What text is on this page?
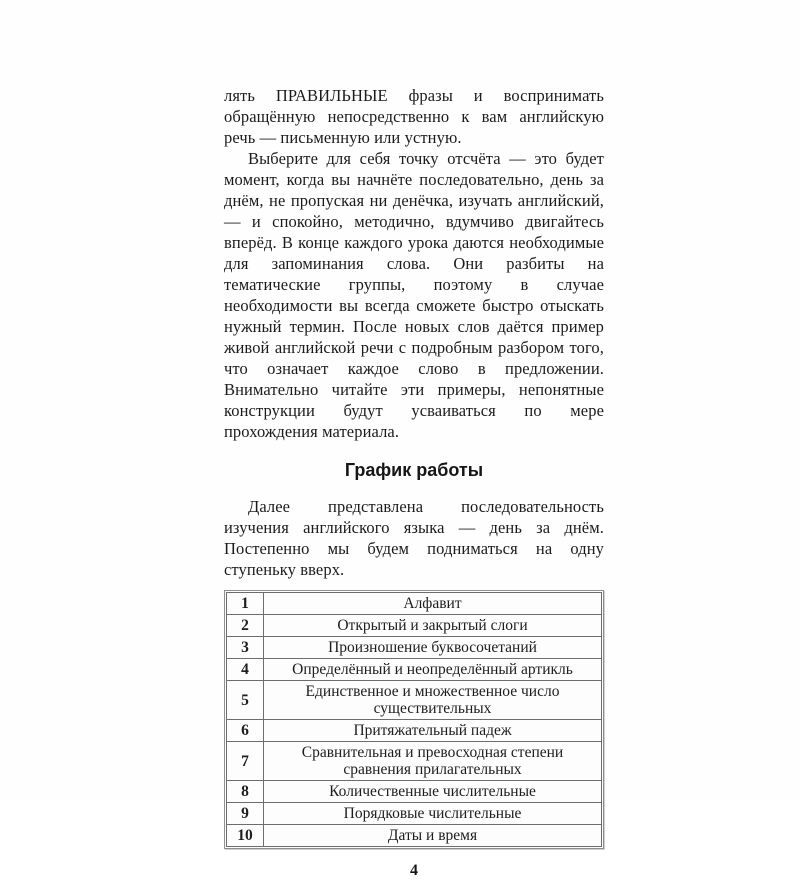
лять ПРАВИЛЬНЫЕ фразы и воспринимать обращённую непосредственно к вам английскую речь — письменную или устную.

Выберите для себя точку отсчёта — это будет момент, когда вы начнёте последовательно, день за днём, не пропуская ни денёчка, изучать английский, — и спокойно, методично, вдумчиво двигайтесь вперёд. В конце каждого урока даются необходимые для запоминания слова. Они разбиты на тематические группы, поэтому в случае необходимости вы всегда сможете быстро отыскать нужный термин. После новых слов даётся пример живой английской речи с подробным разбором того, что означает каждое слово в предложении. Внимательно читайте эти примеры, непонятные конструкции будут усваиваться по мере прохождения материала.

График работы

Далее представлена последовательность изучения английского языка — день за днём. Постепенно мы будем подниматься на одну ступеньку вверх.

1	Алфавит
2	Открытый и закрытый слоги
3	Произношение буквосочетаний
4	Определённый и неопределённый артикль
5	Единственное и множественное число существительных
6	Притяжательный падеж
7	Сравнительная и превосходная степени сравнения прилагательных
8	Количественные числительные
9	Порядковые числительные
10	Даты и время
4
